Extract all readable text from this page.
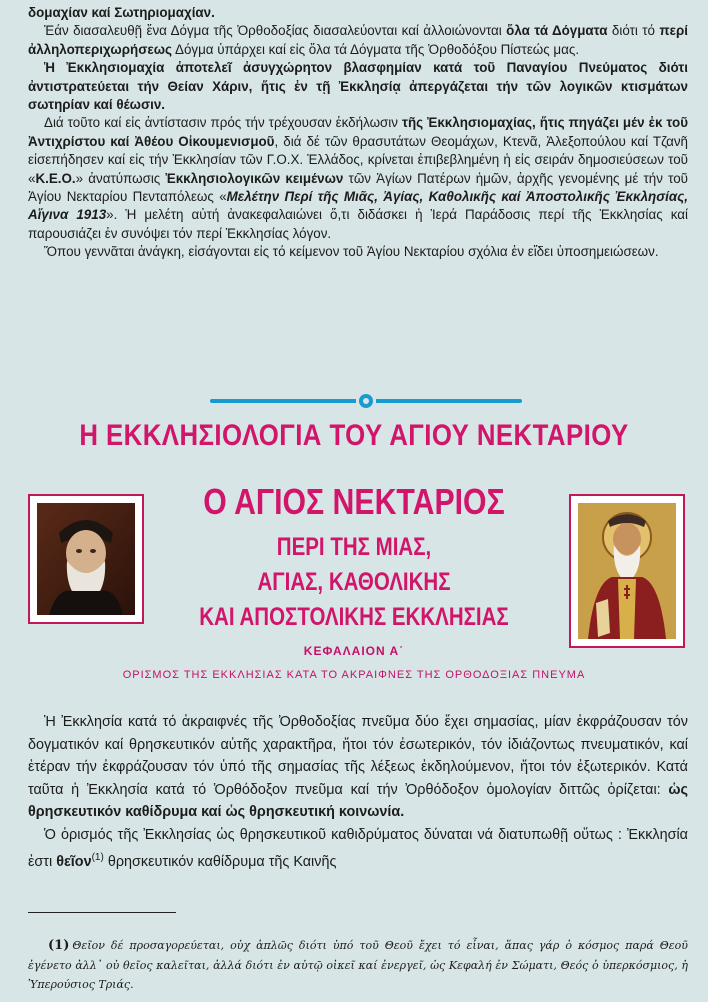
δομαχίαν καί Σωτηριομαχίαν.

Ἐάν διασαλευθῇ ἕνα Δόγμα τῆς Ὀρθοδοξίας διασαλεύονται καί ἀλλοιώνονται ὅλα τά Δόγματα διότι τό περί ἀλληλοπεριχωρήσεως Δόγμα ὑπάρχει καί εἰς ὅλα τά Δόγματα τῆς Ὀρθοδόξου Πίστεώς μας.

Ἡ Ἐκκλησιομαχία ἀποτελεῖ ἀσυγχώρητον βλασφημίαν κατά τοῦ Παναγίου Πνεύματος διότι ἀντιστρατεύεται τήν Θείαν Χάριν, ἥτις ἐν τῇ Ἐκκλησίᾳ ἀπεργάζεται τήν τῶν λογικῶν κτισμάτων σωτηρίαν καί θέωσιν.

Διά τοῦτο καί εἰς ἀντίστασιν πρός τήν τρέχουσαν ἐκδήλωσιν τῆς Ἐκκλησιομαχίας, ἥτις πηγάζει μέν ἐκ τοῦ Ἀντιχρίστου καί Ἀθέου Οἰκουμενισμοῦ, διά δέ τῶν θρασυτάτων Θεομάχων, Κτενᾶ, Ἀλεξοπούλου καί Τζανῆ εἰσεπήδησεν καί εἰς τήν Ἐκκλησίαν τῶν Γ.Ο.Χ. Ἑλλάδος, κρίνεται ἐπιβεβλημένη ἡ εἰς σειράν δημοσιεύσεων τοῦ «Κ.Ε.Ο.» ἀνατύπωσις Ἐκκλησιολογικῶν κειμένων τῶν Ἁγίων Πατέρων ἡμῶν, ἀρχῆς γενομένης μέ τήν τοῦ Ἁγίου Νεκταρίου Πενταπόλεως «Μελέτην Περί τῆς Μιᾶς, Ἁγίας, Καθολικῆς καί Ἀποστολικῆς Ἐκκλησίας, Αἴγινα 1913». Ἡ μελέτη αὐτή ἀνακεφαλαιώνει ὅ,τι διδάσκει ἡ Ἱερά Παράδοσις περί τῆς Ἐκκλησίας καί παρουσιάζει ἐν συνόψει τόν περί Ἐκκλησίας λόγον.

Ὅπου γεννᾶται ἀνάγκη, εἰσάγονται εἰς τό κείμενον τοῦ Ἁγίου Νεκταρίου σχόλια ἐν εἴδει ὑποσημειώσεων.

Η ΕΚΚΛΗΣΙΟΛΟΓΙΑ ΤΟΥ ΑΓΙΟΥ ΝΕΚΤΑΡΙΟΥ
Ο ΑΓΙΟΣ ΝΕΚΤΑΡΙΟΣ
ΠΕΡΙ ΤΗΣ ΜΙΑΣ,
ΑΓΙΑΣ, ΚΑΘΟΛΙΚΗΣ
ΚΑΙ ΑΠΟΣΤΟΛΙΚΗΣ ΕΚΚΛΗΣΙΑΣ
ΚΕΦΑΛΑΙΟΝ Α΄
ΟΡΙΣΜΟΣ ΤΗΣ ΕΚΚΛΗΣΙΑΣ ΚΑΤΑ ΤΟ ΑΚΡΑΙΦΝΕΣ ΤΗΣ ΟΡΘΟΔΟΞΙΑΣ ΠΝΕΥΜΑ

Ἡ Ἐκκλησία κατά τό ἀκραιφνές τῆς Ὀρθοδοξίας πνεῦμα δύο ἔχει σημασίας, μίαν ἐκφράζουσαν τόν δογματικόν καί θρησκευτικόν αὐτῆς χαρακτῆρα, ἤτοι τόν ἐσωτερικόν, τόν ἰδιάζοντως πνευματικόν, καί ἑτέραν τήν ἐκφράζουσαν τόν ὑπό τῆς σημασίας τῆς λέξεως ἐκδηλούμενον, ἤτοι τόν ἐξωτερικόν. Κατά ταῦτα ἡ Ἐκκλησία κατά τό Ὀρθόδοξον πνεῦμα καί τήν Ὀρθόδοξον ὁμολογίαν διττῶς ὁρίζεται: ὡς θρησκευτικόν καθίδρυμα καί ὡς θρησκευτική κοινωνία.

Ὁ ὁρισμός τῆς Ἐκκλησίας ὡς θρησκευτικοῦ καθιδρύματος δύναται νά διατυπωθῇ οὕτως : Ἐκκλησία ἐστι θεῖον$^{(1)}$ θρησκευτικόν καθίδρυμα τῆς Καινῆς

(1) Θεῖον δέ προσαγορεύεται, οὐχ ἁπλῶς διότι ὑπό τοῦ Θεοῦ ἔχει τό εἶναι, ἅπας γάρ ὁ κόσμος παρά Θεοῦ ἐγένετο ἀλλ᾽ οὐ θεῖος καλεῖται, ἀλλά διότι ἐν αὐτῷ οἰκεῖ καί ἐνεργεῖ, ὡς Κεφαλή ἐν Σώματι, Θεός ὁ ὑπερκόσμιος, ἡ Ὑπερούσιος Τριάς.
